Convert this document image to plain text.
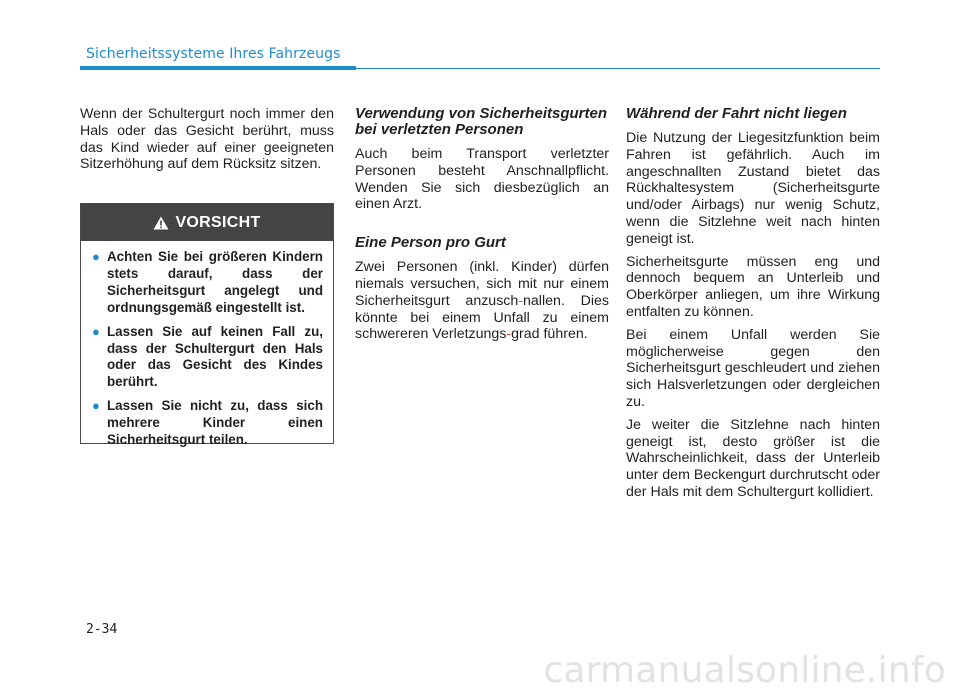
Sicherheitssysteme Ihres Fahrzeugs

Wenn der Schultergurt noch immer den Hals oder das Gesicht berührt, muss das Kind wieder auf einer geeigneten Sitzerhöhung auf dem Rücksitz sitzen.

VORSICHT
● Achten Sie bei größeren Kindern stets darauf, dass der Sicherheitsgurt angelegt und ordnungsgemäß eingestellt ist.
● Lassen Sie auf keinen Fall zu, dass der Schultergurt den Hals oder das Gesicht des Kindes berührt.
● Lassen Sie nicht zu, dass sich mehrere Kinder einen Sicherheitsgurt teilen.
Verwendung von Sicherheitsgurten bei verletzten Personen

Auch beim Transport verletzter Personen besteht Anschnallpflicht. Wenden Sie sich diesbezüglich an einen Arzt.

Eine Person pro Gurt

Zwei Personen (inkl. Kinder) dürfen niemals versuchen, sich mit nur einem Sicherheitsgurt anzusch-nallen. Dies könnte bei einem Unfall zu einem schwereren Verletzungs-grad führen.

Während der Fahrt nicht liegen

Die Nutzung der Liegesitzfunktion beim Fahren ist gefährlich. Auch im angeschnallten Zustand bietet das Rückhaltesystem (Sicherheitsgurte und/oder Airbags) nur wenig Schutz, wenn die Sitzlehne weit nach hinten geneigt ist.

Sicherheitsgurte müssen eng und dennoch bequem an Unterleib und Oberkörper anliegen, um ihre Wirkung entfalten zu können.

Bei einem Unfall werden Sie möglicherweise gegen den Sicherheitsgurt geschleudert und ziehen sich Halsverletzungen oder dergleichen zu.

Je weiter die Sitzlehne nach hinten geneigt ist, desto größer ist die Wahrscheinlichkeit, dass der Unterleib unter dem Beckengurt durchrutscht oder der Hals mit dem Schultergurt kollidiert.

2-34
carmanualsonline.info
